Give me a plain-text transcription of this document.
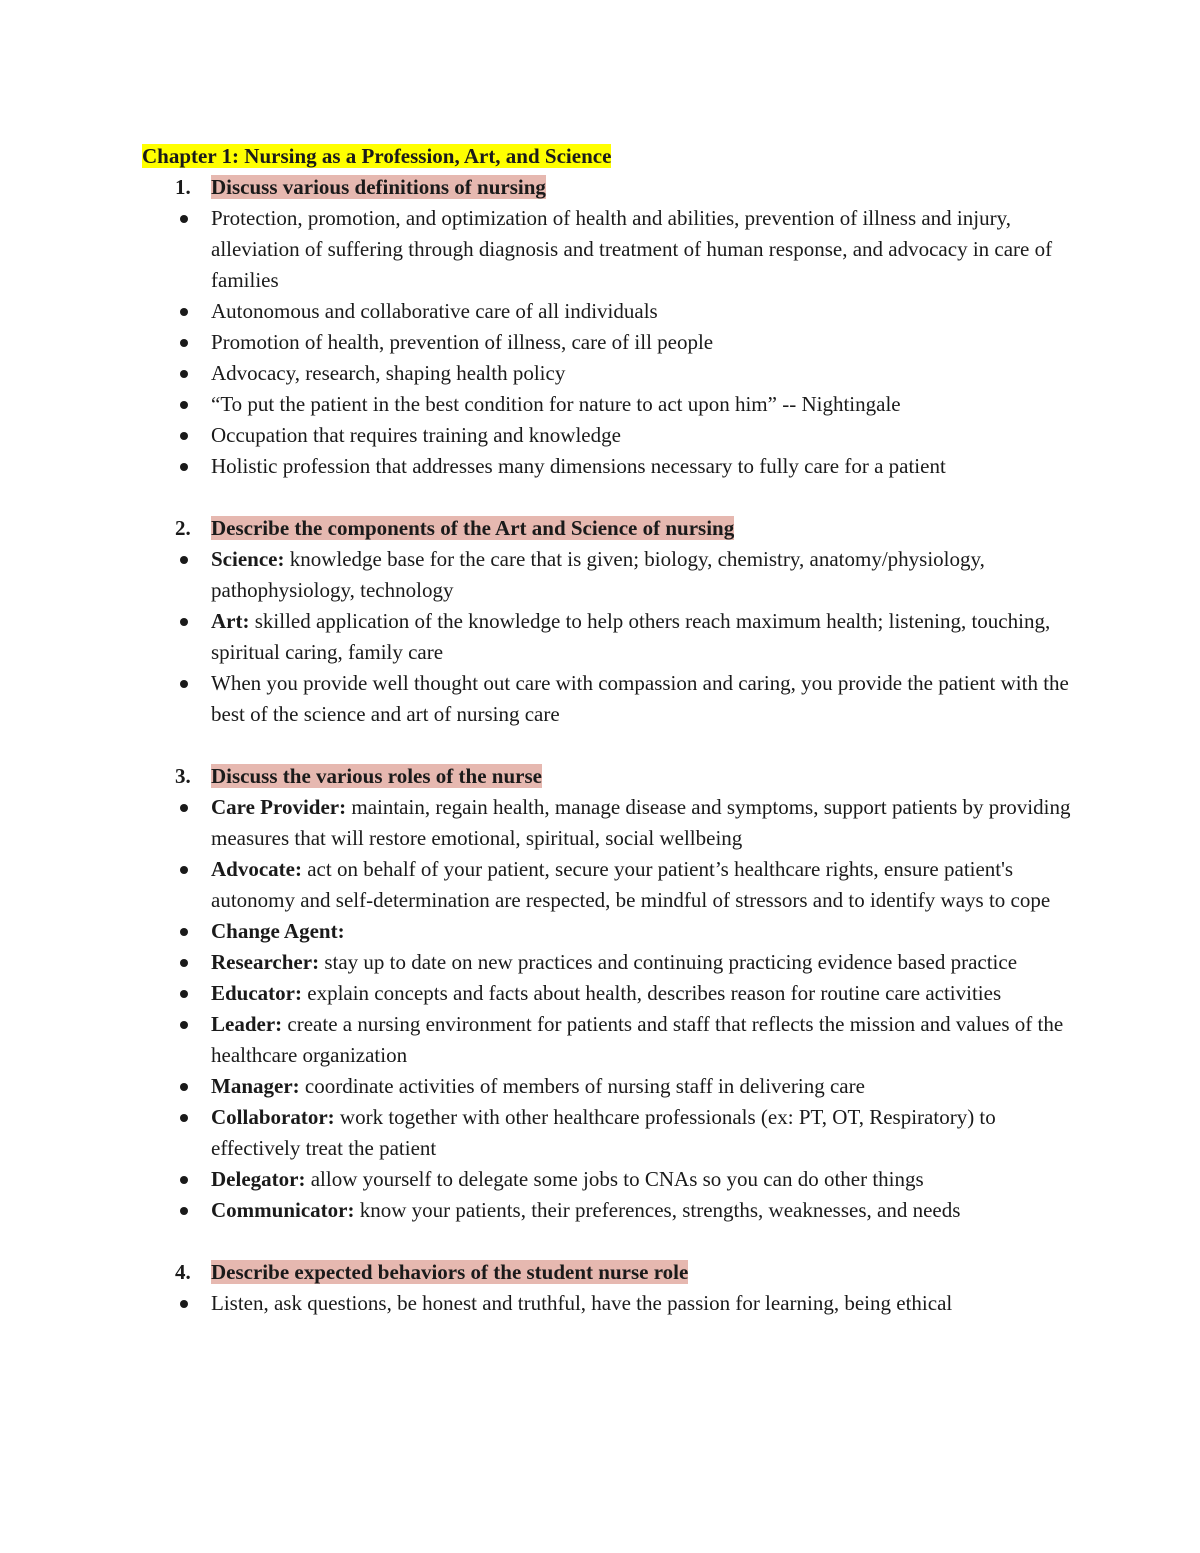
Chapter 1: Nursing as a Profession, Art, and Science
1. Discuss various definitions of nursing
Protection, promotion, and optimization of health and abilities, prevention of illness and injury, alleviation of suffering through diagnosis and treatment of human response, and advocacy in care of families
Autonomous and collaborative care of all individuals
Promotion of health, prevention of illness, care of ill people
Advocacy, research, shaping health policy
“To put the patient in the best condition for nature to act upon him” -- Nightingale
Occupation that requires training and knowledge
Holistic profession that addresses many dimensions necessary to fully care for a patient
2. Describe the components of the Art and Science of nursing
Science: knowledge base for the care that is given; biology, chemistry, anatomy/physiology, pathophysiology, technology
Art: skilled application of the knowledge to help others reach maximum health; listening, touching, spiritual caring, family care
When you provide well thought out care with compassion and caring, you provide the patient with the best of the science and art of nursing care
3. Discuss the various roles of the nurse
Care Provider: maintain, regain health, manage disease and symptoms, support patients by providing measures that will restore emotional, spiritual, social wellbeing
Advocate: act on behalf of your patient, secure your patient’s healthcare rights, ensure patient's autonomy and self-determination are respected, be mindful of stressors and to identify ways to cope
Change Agent:
Researcher: stay up to date on new practices and continuing practicing evidence based practice
Educator: explain concepts and facts about health, describes reason for routine care activities
Leader: create a nursing environment for patients and staff that reflects the mission and values of the healthcare organization
Manager: coordinate activities of members of nursing staff in delivering care
Collaborator: work together with other healthcare professionals (ex: PT, OT, Respiratory) to effectively treat the patient
Delegator: allow yourself to delegate some jobs to CNAs so you can do other things
Communicator: know your patients, their preferences, strengths, weaknesses, and needs
4. Describe expected behaviors of the student nurse role
Listen, ask questions, be honest and truthful, have the passion for learning, being ethical
